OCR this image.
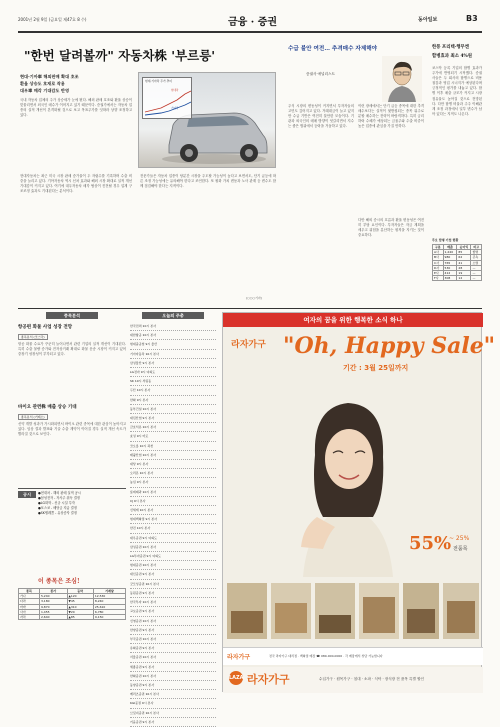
2001년 2월 9일 (금요일 제47호 8 수)	금융 · 증권	동아일보	B3
"한번 달려볼까" 자동차株 '부르릉'
현대·기아車 해외판매 확대 호조
환율 상승도 호재로 작용
대우車 매각 기대감도 반영
현대·기아차 주가 추이
현대차
기아차
국내 자동차 업체의 주가 상승세가 눈에 띈다. 해외 판매 호조와 환율 상승이 맞물리면서 외국인 매수가 이어지고 있기 때문이다. 증권가에서는 자동차 업종의 실적 개선이 본격화될 것으로 보고 목표주가를 잇따라 상향 조정하고 있다.
현대자동차는 최근 미국 시장 판매 증가율이 두 자릿수를 기록하며 수출 비중을 늘리고 있다. 기아자동차 역시 신차 효과와 해외 시장 확대로 실적 개선 기대감이 커지고 있다. 여기에 대우자동차 매각 협상이 진전될 경우 업계 구조조정 효과도 기대된다는 분석이다.
전문가들은 자동차 업종이 당분간 시장을 주도할 가능성이 높다고 보면서도, 단기 급등에 따른 조정 가능성에는 유의해야 한다고 조언한다. 또 원화 가치 변동과 노사 관계 등 변수도 함께 점검해야 한다는 지적이다.
(○○○기자)
수급 불안 여전… 추격매수 자제해야
증권사 애널리스트
주식 시장의 변동성이 커지면서 투자자들의 고민도 깊어지고 있다. 거래대금이 늘고 있지만 수급 기반은 여전히 불안한 모습이다. 기관과 외국인의 매매 방향이 엇갈리면서 지수는 좁은 범위에서 등락을 거듭하고 있다.
이런 장세에서는 단기 급등 종목에 대한 추격 매수보다는 실적이 뒷받침되는 종목 위주로 분할 매수하는 전략이 바람직하다. 특히 금리 하락 수혜가 예상되는 금융주와 수출 비중이 높은 업종에 관심을 가질 만하다.
다만 해외 증시의 흐름과 환율 변동성은 여전히 부담 요인이다. 투자자들은 자금 계획을 세우고 위험을 분산하는 원칙을 지키는 것이 중요하다.
한풍 프리텍·행무켄
합병효과 최소 4%원
코스닥 등록 기업의 합병 효과가 주가에 반영되기 시작했다. 증권사들은 두 회사의 합병으로 비용 절감과 영업 시너지가 예상된다며 긍정적인 평가를 내놓고 있다. 합병 이후 매출 규모가 커지고 시장 점유율도 높아질 것으로 전망된다. 다만 합병 비율과 주주 이해관계 조정 과정에서 일부 변수가 남아 있다는 지적도 나온다.
주요 합병 기업 현황
구분	매출	순이익	비고
A사	1,240	85	합병
B사	980	62	존속
C사	765	41	소멸
D사	530	28	—
E사	412	19	—
F사	308	12	—
종목분석
항공편 화물 사업 성장 전망
종목분석 (코스닥)
항공 화물 수요가 꾸준히 늘어나면서 관련 기업의 실적 개선이 기대된다. 특히 수출 물량 증가와 전자상거래 확대로 화물 운송 시장이 커지고 있어 중장기 성장성이 부각되고 있다.
바이오 관련株 매출 상승 기대
종목분석 (거래소)
신약 개발 성과가 가시화되면서 바이오 관련 종목에 대한 관심이 높아지고 있다. 임상 결과 발표와 기술 수출 계약이 이어질 경우 실적 개선 속도가 빨라질 것으로 보인다.
공시	●현대차 - 해외 판매 실적 공시
●삼성전자 - 자사주 취득 결정
●LG화학 - 신규 시설 투자
●포스코 - 배당금 지급 결정
●SK텔레콤 - 유상증자 결정
이 종목은 조심!
종목	종가	등락	거래량
가나	5,240	▲120	12,530
다라	3,180	▼45	8,240
마바	9,870	▲310	25,610
사아	1,455	▼20	6,780
자차	2,640	▲85	9,150
오늘의 주총
한국전력 10시 본사
대한항공 10시 본사
현대중공업 9시 울산
기아자동차 10시 본사
삼성물산 9시 본사
LG전자 9시 여의도
SK 10시 서린동
두산 10시 본사
한화 9시 본사
동부건설 10시 본사
대림산업 9시 본사
금호석유 10시 본사
효성 9시 마포
코오롱 10시 과천
태광산업 10시 본사
대상 9시 본사
오리온 10시 본사
농심 9시 본사
롯데제과 10시 본사
CJ 9시 본사
신세계 10시 본사
현대백화점 9시 본사
한진 10시 본사
대우증권 9시 여의도
삼성증권 10시 본사
LG투자증권 9시 여의도
현대증권 10시 본사
대신증권 9시 본사
굿모닝증권 10시 본사
동원증권 9시 본사
한국투자 10시 본사
교보증권 9시 본사
신영증권 10시 본사
한양증권 9시 본사
부국증권 10시 본사
유화증권 9시 본사
서울증권 10시 본사
세종증권 9시 본사
한화증권 10시 본사
동양증권 9시 본사
메리츠증권 10시 본사
KGI증권 9시 본사
브릿지증권 10시 본사
키움증권 9시 본사
여자의 꿈을 위한 행복한 소식 하나
라자가구 "Oh, Happy Sale"
기간 : 3월 25일까지
55%
~ 25%
전품목
라자가구	전국 라자가구 대리점 · 백화점 매장 ☎ 080-000-0000 · 각 매장에서 상담 가능합니다
LAZA 라자가구	수입가구 · 원목가구 · 침대 · 소파 · 식탁 · 장식장 전 품목 특별 할인
